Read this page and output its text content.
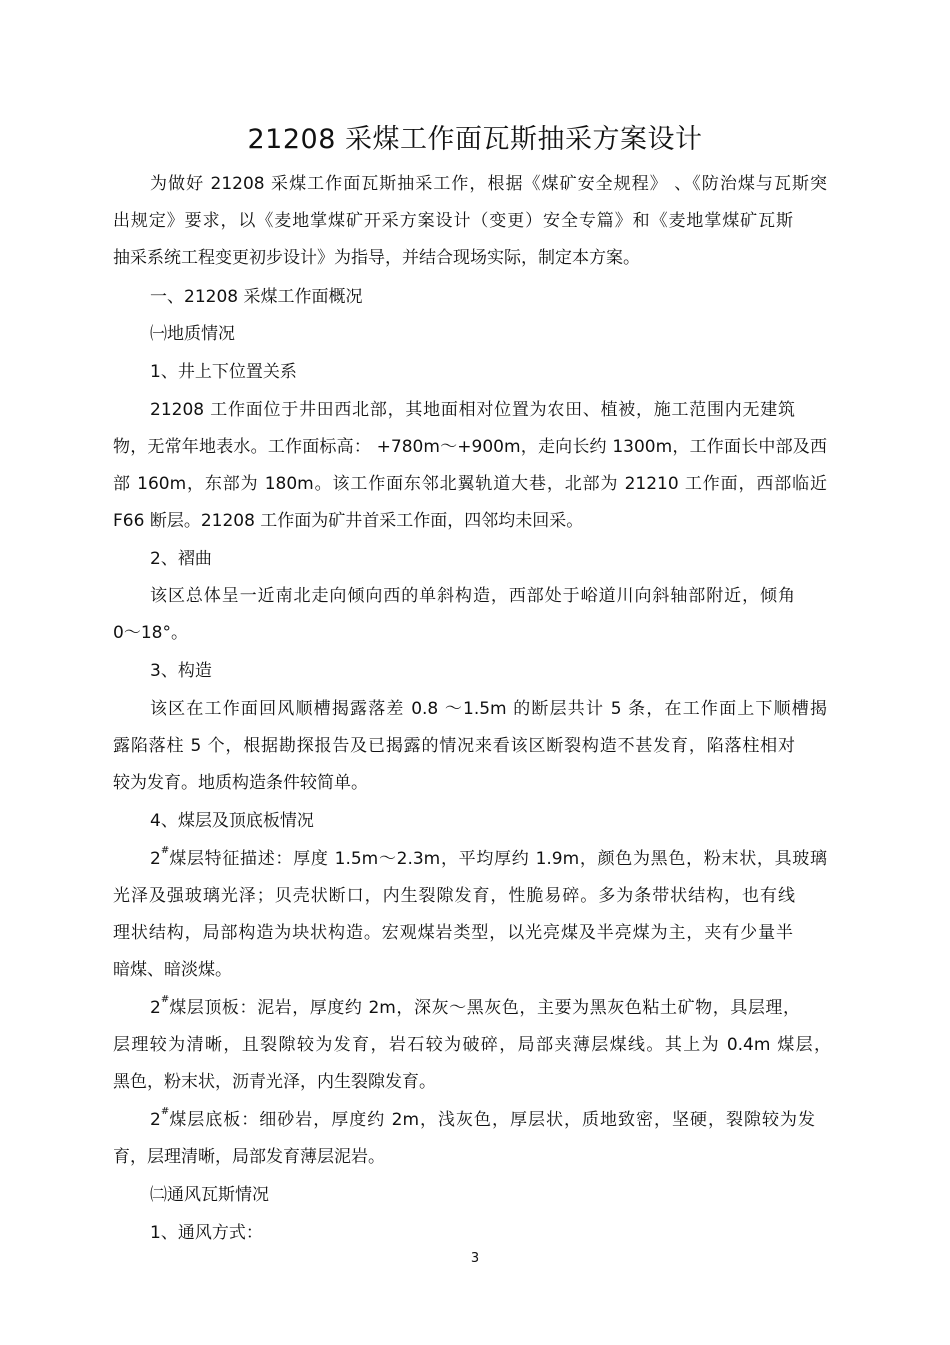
21208 采煤工作面瓦斯抽采方案设计
为做好 21208 采煤工作面瓦斯抽采工作，根据《煤矿安全规程》 、《防治煤与瓦斯突
出规定》要求，以《麦地掌煤矿开采方案设计（变更）安全专篇》和《麦地掌煤矿瓦斯
抽采系统工程变更初步设计》为指导，并结合现场实际，制定本方案。
一、21208 采煤工作面概况
㈠地质情况
1、井上下位置关系
21208 工作面位于井田西北部，其地面相对位置为农田、植被，施工范围内无建筑
物，无常年地表水。工作面标高： +780m～+900m，走向长约 1300m，工作面长中部及西
部 160m，东部为 180m。该工作面东邻北翼轨道大巷，北部为 21210 工作面，西部临近
F66 断层。21208 工作面为矿井首采工作面，四邻均未回采。
2、褶曲
该区总体呈一近南北走向倾向西的单斜构造，西部处于峪道川向斜轴部附近，倾角
0～18°。
3、构造
该区在工作面回风顺槽揭露落差 0.8 ～1.5m 的断层共计 5 条，在工作面上下顺槽揭
露陷落柱 5 个，根据勘探报告及已揭露的情况来看该区断裂构造不甚发育，陷落柱相对
较为发育。地质构造条件较简单。
4、煤层及顶底板情况
2 # 煤层特征描述：厚度 1.5m～2.3m，平均厚约 1.9m，颜色为黑色，粉末状，具玻璃
光泽及强玻璃光泽；贝壳状断口，内生裂隙发育，性脆易碎。多为条带状结构，也有线
理状结构，局部构造为块状构造。宏观煤岩类型，以光亮煤及半亮煤为主，夹有少量半
暗煤、暗淡煤。
2 # 煤层顶板：泥岩，厚度约 2m，深灰～黑灰色，主要为黑灰色粘土矿物，具层理，
层理较为清晰，且裂隙较为发育，岩石较为破碎，局部夹薄层煤线。其上为 0.4m 煤层，
黑色，粉末状，沥青光泽，内生裂隙发育。
2 # 煤层底板：细砂岩，厚度约 2m，浅灰色，厚层状，质地致密，坚硬，裂隙较为发
育，层理清晰，局部发育薄层泥岩。
㈡通风瓦斯情况
1、通风方式：
3
